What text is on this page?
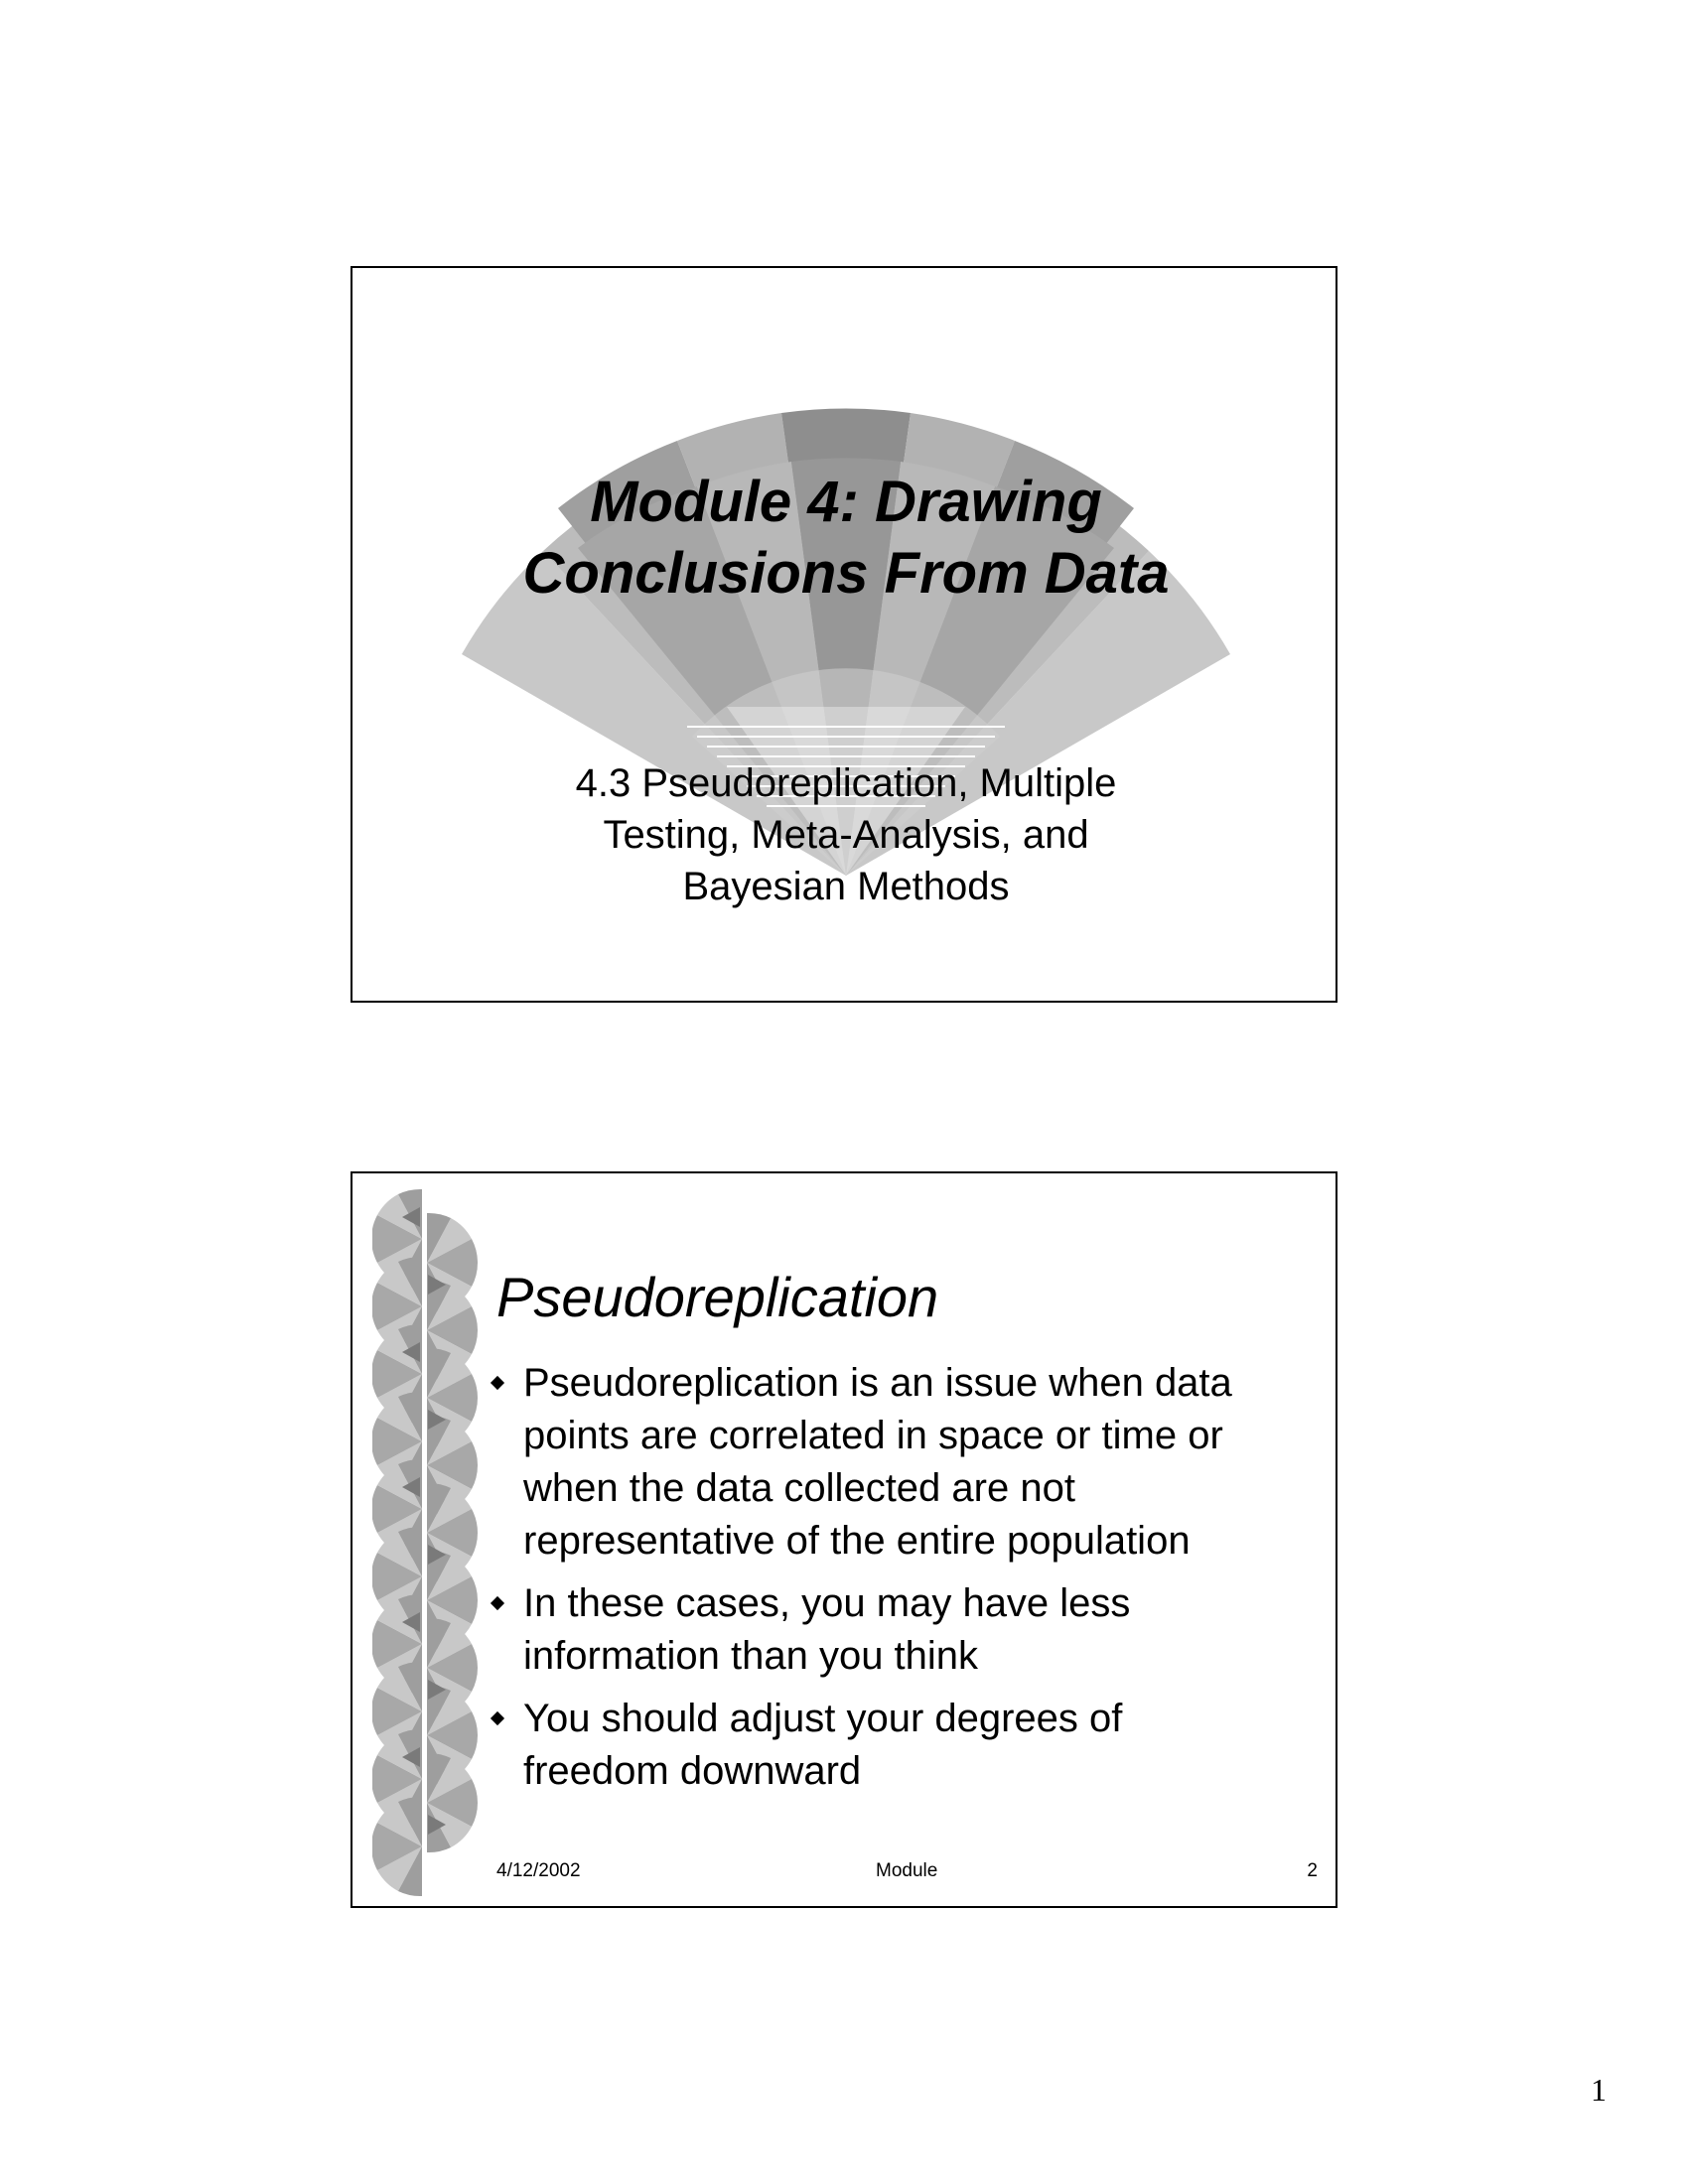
Module 4: Drawing
Conclusions From Data
4.3 Pseudoreplication, Multiple
Testing, Meta-Analysis, and
Bayesian Methods
Pseudoreplication
Pseudoreplication is an issue when data
points are correlated in space or time or
when the data collected are not
representative of the entire population
In these cases, you may have less
information than you think
You should adjust your degrees of
freedom downward
4/12/2002	Module	2
1
